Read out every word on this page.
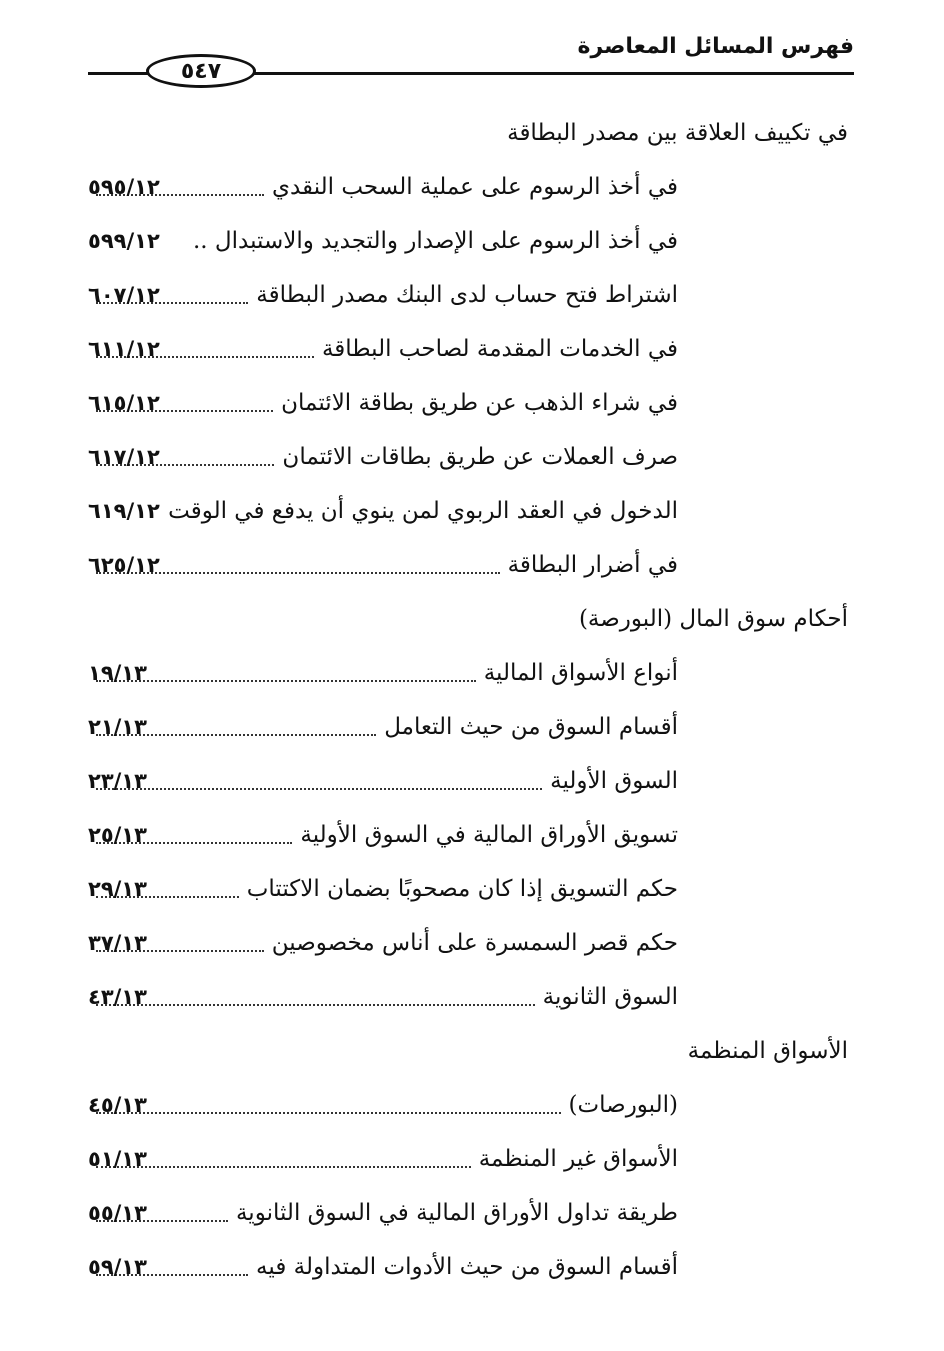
فهرس المسائل المعاصرة
٥٤٧
في تكييف العلاقة بين مصدر البطاقة
في أخذ الرسوم على عملية السحب النقدي
٥٩٥/١٢
في أخذ الرسوم على الإصدار والتجديد والاستبدال ..
٥٩٩/١٢
اشتراط فتح حساب لدى البنك مصدر البطاقة
٦٠٧/١٢
في الخدمات المقدمة لصاحب البطاقة
٦١١/١٢
في شراء الذهب عن طريق بطاقة الائتمان
٦١٥/١٢
صرف العملات عن طريق بطاقات الائتمان
٦١٧/١٢
الدخول في العقد الربوي لمن ينوي أن يدفع في الوقت
٦١٩/١٢
في أضرار البطاقة
٦٢٥/١٢
أحكام سوق المال (البورصة)
أنواع الأسواق المالية
١٩/١٣
أقسام السوق من حيث التعامل
٢١/١٣
السوق الأولية
٢٣/١٣
تسويق الأوراق المالية في السوق الأولية
٢٥/١٣
حكم التسويق إذا كان مصحوبًا بضمان الاكتتاب
٢٩/١٣
حكم قصر السمسرة على أناس مخصوصين
٣٧/١٣
السوق الثانوية
٤٣/١٣
الأسواق المنظمة
(البورصات)
٤٥/١٣
الأسواق غير المنظمة
٥١/١٣
طريقة تداول الأوراق المالية في السوق الثانوية
٥٥/١٣
أقسام السوق من حيث الأدوات المتداولة فيه
٥٩/١٣
